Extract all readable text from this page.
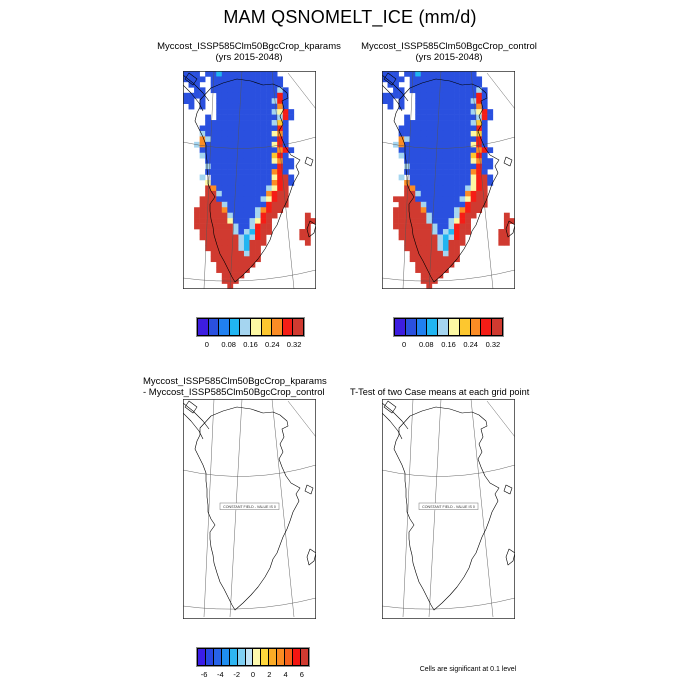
MAM QSNOMELT_ICE (mm/d)
Myccost_ISSP585Clm50BgcCrop_kparams
(yrs 2015-2048)
Myccost_ISSP585Clm50BgcCrop_control
(yrs 2015-2048)
0 0.08 0.16 0.24 0.32	0 0.08 0.16 0.24 0.32
Myccost_ISSP585Clm50BgcCrop_kparams
- Myccost_ISSP585Clm50BgcCrop_control	T-Test of two Case means at each grid point
CONSTANT FIELD - VALUE IS 0	CONSTANT FIELD - VALUE IS 0
-6 -4 -2 0 2 4 6
Cells are significant at 0.1 level
